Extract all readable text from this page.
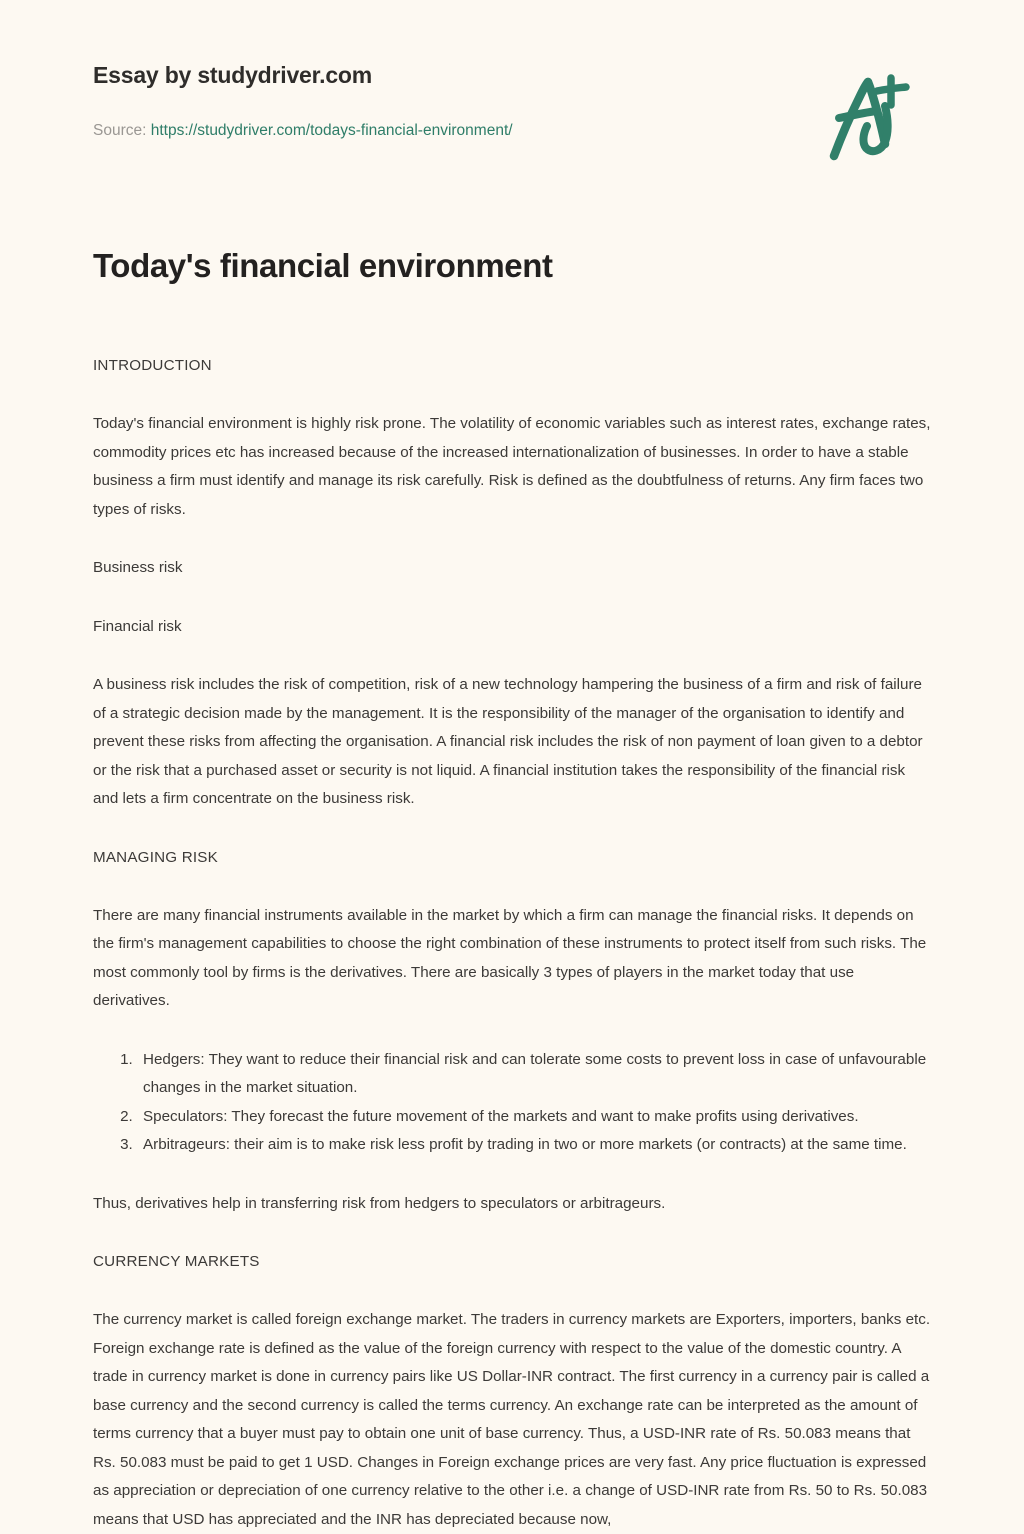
Essay by studydriver.com
Source: https://studydriver.com/todays-financial-environment/
Today's financial environment

INTRODUCTION

Today's financial environment is highly risk prone. The volatility of economic variables such as interest rates, exchange rates, commodity prices etc has increased because of the increased internationalization of businesses. In order to have a stable business a firm must identify and manage its risk carefully. Risk is defined as the doubtfulness of returns. Any firm faces two types of risks.

Business risk

Financial risk

A business risk includes the risk of competition, risk of a new technology hampering the business of a firm and risk of failure of a strategic decision made by the management. It is the responsibility of the manager of the organisation to identify and prevent these risks from affecting the organisation. A financial risk includes the risk of non payment of loan given to a debtor or the risk that a purchased asset or security is not liquid. A financial institution takes the responsibility of the financial risk and lets a firm concentrate on the business risk.

MANAGING RISK

There are many financial instruments available in the market by which a firm can manage the financial risks. It depends on the firm's management capabilities to choose the right combination of these instruments to protect itself from such risks. The most commonly tool by firms is the derivatives. There are basically 3 types of players in the market today that use derivatives.

1. Hedgers: They want to reduce their financial risk and can tolerate some costs to prevent loss in case of unfavourable changes in the market situation.
2. Speculators: They forecast the future movement of the markets and want to make profits using derivatives.
3. Arbitrageurs: their aim is to make risk less profit by trading in two or more markets (or contracts) at the same time.

Thus, derivatives help in transferring risk from hedgers to speculators or arbitrageurs.

CURRENCY MARKETS

The currency market is called foreign exchange market. The traders in currency markets are Exporters, importers, banks etc. Foreign exchange rate is defined as the value of the foreign currency with respect to the value of the domestic country. A trade in currency market is done in currency pairs like US Dollar-INR contract. The first currency in a currency pair is called a base currency and the second currency is called the terms currency. An exchange rate can be interpreted as the amount of terms currency that a buyer must pay to obtain one unit of base currency. Thus, a USD-INR rate of Rs. 50.083 means that Rs. 50.083 must be paid to get 1 USD. Changes in Foreign exchange prices are very fast. Any price fluctuation is expressed as appreciation or depreciation of one currency relative to the other i.e. a change of USD-INR rate from Rs. 50 to Rs. 50.083 means that USD has appreciated and the INR has depreciated because now,
